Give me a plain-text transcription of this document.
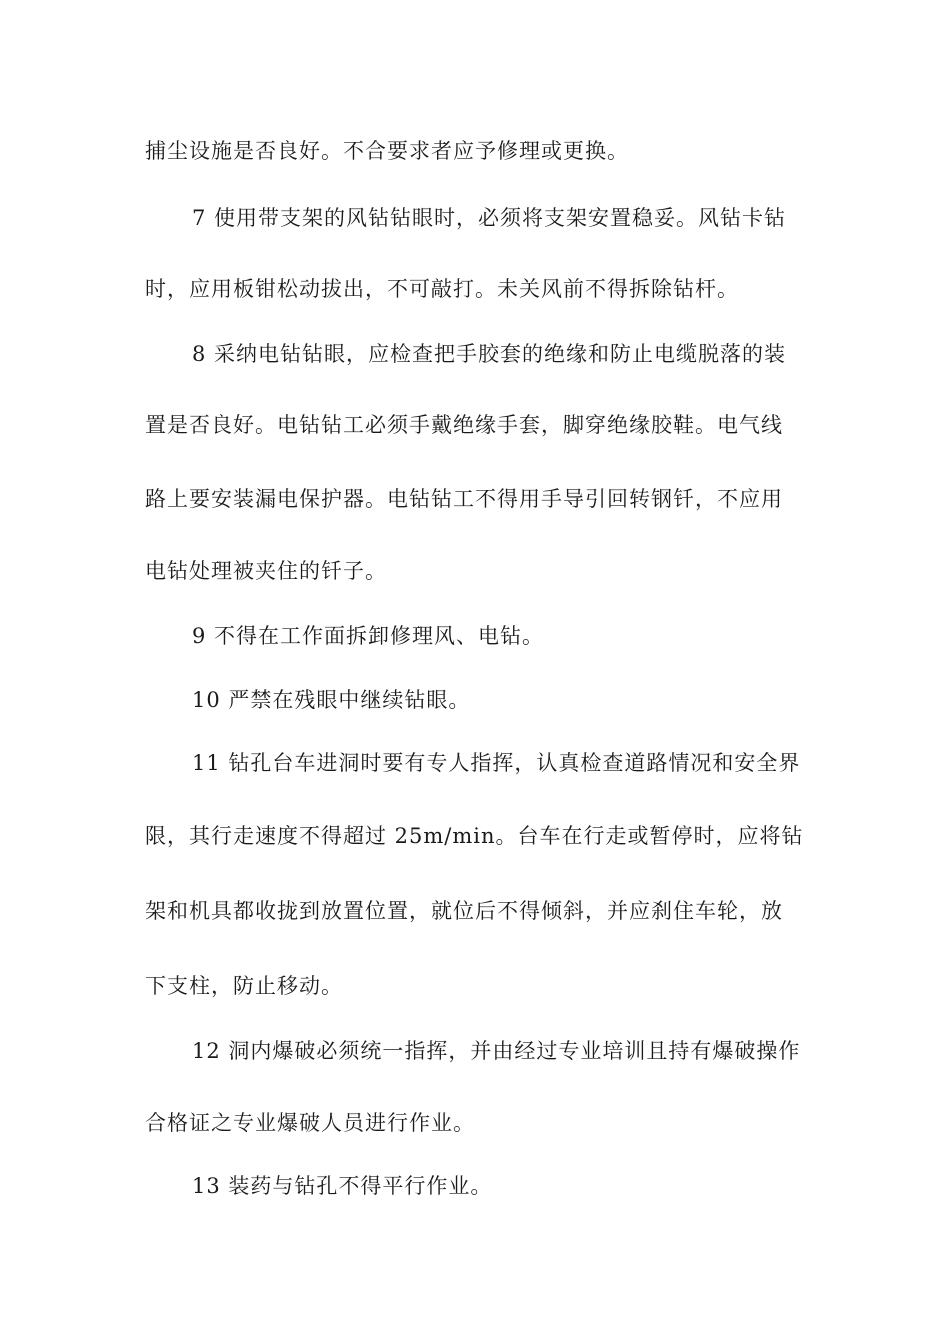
捕尘设施是否良好。不合要求者应予修理或更换。
7 使用带支架的风钻钻眼时，必须将支架安置稳妥。风钻卡钻
时，应用板钳松动拔出，不可敲打。未关风前不得拆除钻杆。
8 采纳电钻钻眼，应检查把手胶套的绝缘和防止电缆脱落的装
置是否良好。电钻钻工必须手戴绝缘手套，脚穿绝缘胶鞋。电气线
路上要安装漏电保护器。电钻钻工不得用手导引回转钢钎，不应用
电钻处理被夹住的钎子。
9 不得在工作面拆卸修理风、电钻。
10 严禁在残眼中继续钻眼。
11 钻孔台车进洞时要有专人指挥，认真检查道路情况和安全界
限，其行走速度不得超过 25m/min。台车在行走或暂停时，应将钻
架和机具都收拢到放置位置，就位后不得倾斜，并应刹住车轮，放
下支柱，防止移动。
12 洞内爆破必须统一指挥，并由经过专业培训且持有爆破操作
合格证之专业爆破人员进行作业。
13 装药与钻孔不得平行作业。
